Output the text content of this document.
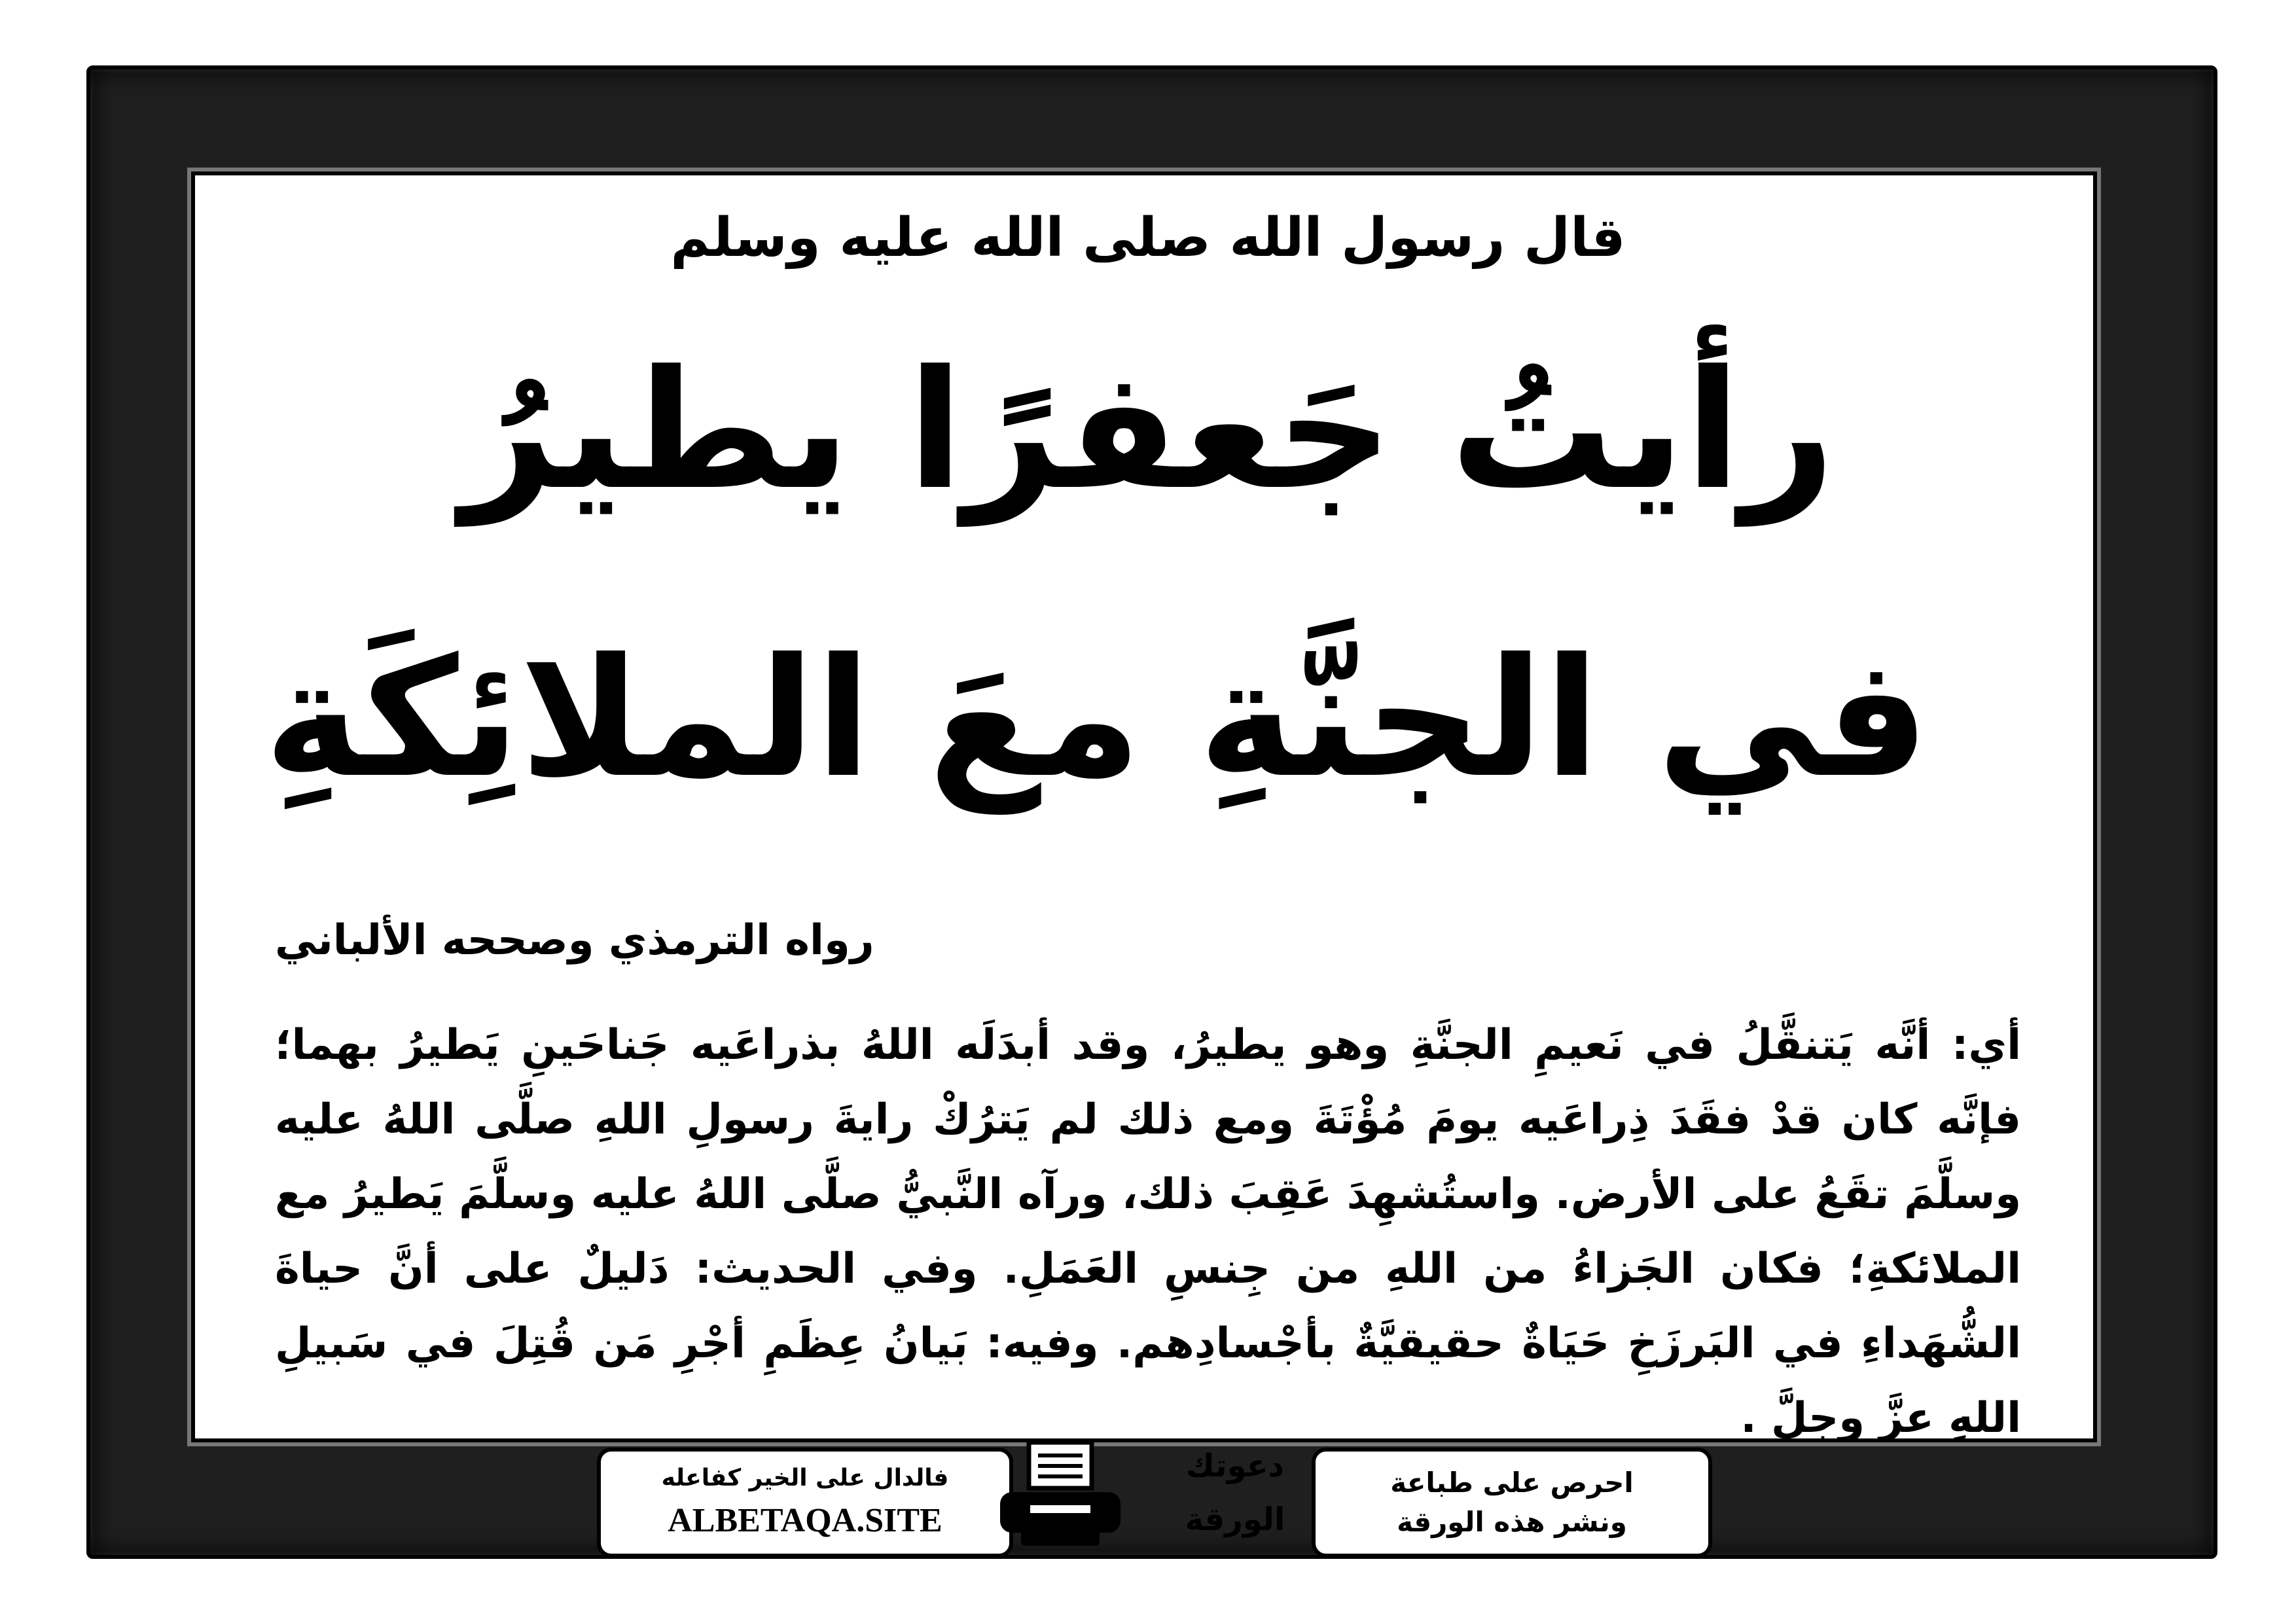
قال رسول الله صلى الله عليه وسلم
رأيتُ جَعفرًا يطيرُ
في الجنَّةِ معَ الملائِكَةِ
رواه الترمذي وصححه الألباني
أي: أنَّه يَتنقَّلُ في نَعيمِ الجنَّةِ وهو يطيرُ، وقد أبدَلَه اللهُ بذراعَيه جَناحَينِ يَطيرُ بهما؛ فإنَّه كان قدْ فقَدَ ذِراعَيه يومَ مُؤْتَةَ ومع ذلك لم يَترُكْ رايةَ رسولِ اللهِ صلَّى اللهُ عليه وسلَّمَ تقَعُ على الأرض. واستُشهِدَ عَقِبَ ذلك، ورآه النَّبيُّ صلَّى اللهُ عليه وسلَّمَ يَطيرُ مع الملائكةِ؛ فكان الجَزاءُ من اللهِ من جِنسِ العَمَلِ. وفي الحديث: دَليلٌ على أنَّ حياةَ الشُّهَداءِ في البَرزَخِ حَيَاةٌ حقيقيَّةٌ بأجْسادِهم. وفيه: بَيانُ عِظَمِ أجْرِ مَن قُتِلَ في سَبيلِ اللهِ عزَّ وجلَّ .
فالدال على الخير كفاعله
ALBETAQA.SITE
دعوتك
الورقة
احرص على طباعة
ونشر هذه الورقة
